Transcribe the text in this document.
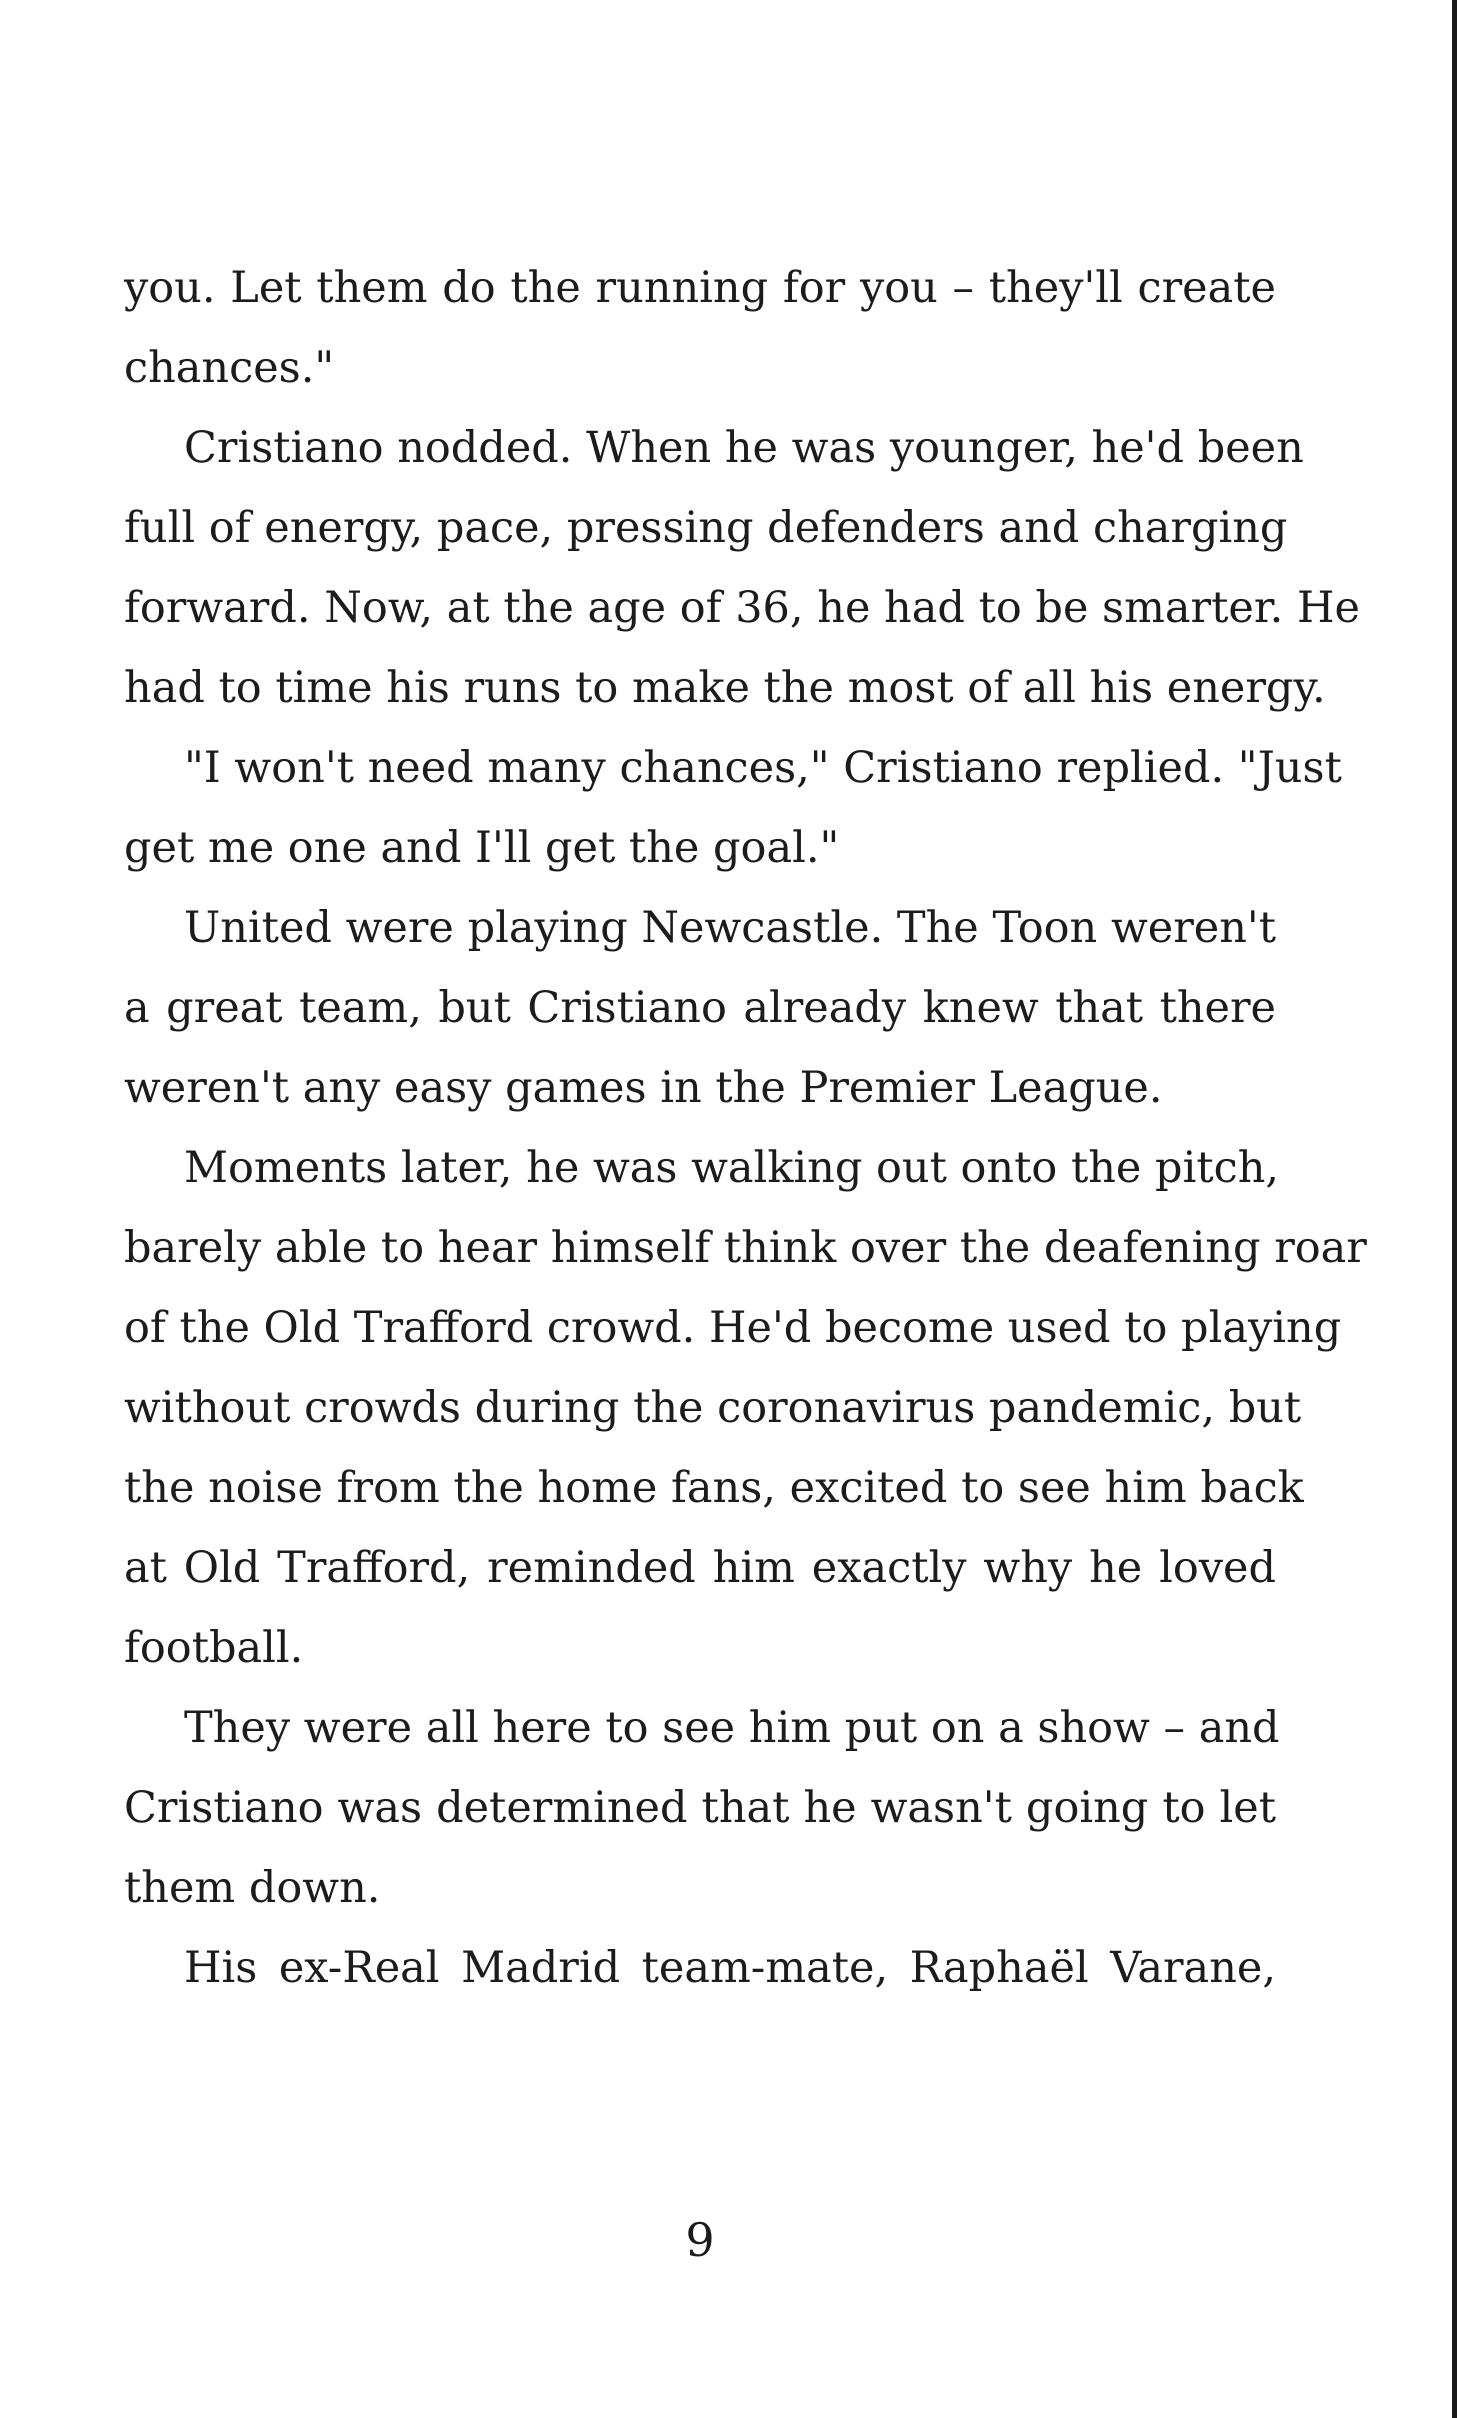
you. Let them do the running for you – they'll create
chances."

Cristiano nodded. When he was younger, he'd been
full of energy, pace, pressing defenders and charging
forward. Now, at the age of 36, he had to be smarter. He
had to time his runs to make the most of all his energy.

"I won't need many chances," Cristiano replied. "Just
get me one and I'll get the goal."

United were playing Newcastle. The Toon weren't
a great team, but Cristiano already knew that there
weren't any easy games in the Premier League.

Moments later, he was walking out onto the pitch,
barely able to hear himself think over the deafening roar
of the Old Trafford crowd. He'd become used to playing
without crowds during the coronavirus pandemic, but
the noise from the home fans, excited to see him back
at Old Trafford, reminded him exactly why he loved
football.

They were all here to see him put on a show – and
Cristiano was determined that he wasn't going to let
them down.

His ex-Real Madrid team-mate, Raphaël Varane,

9
